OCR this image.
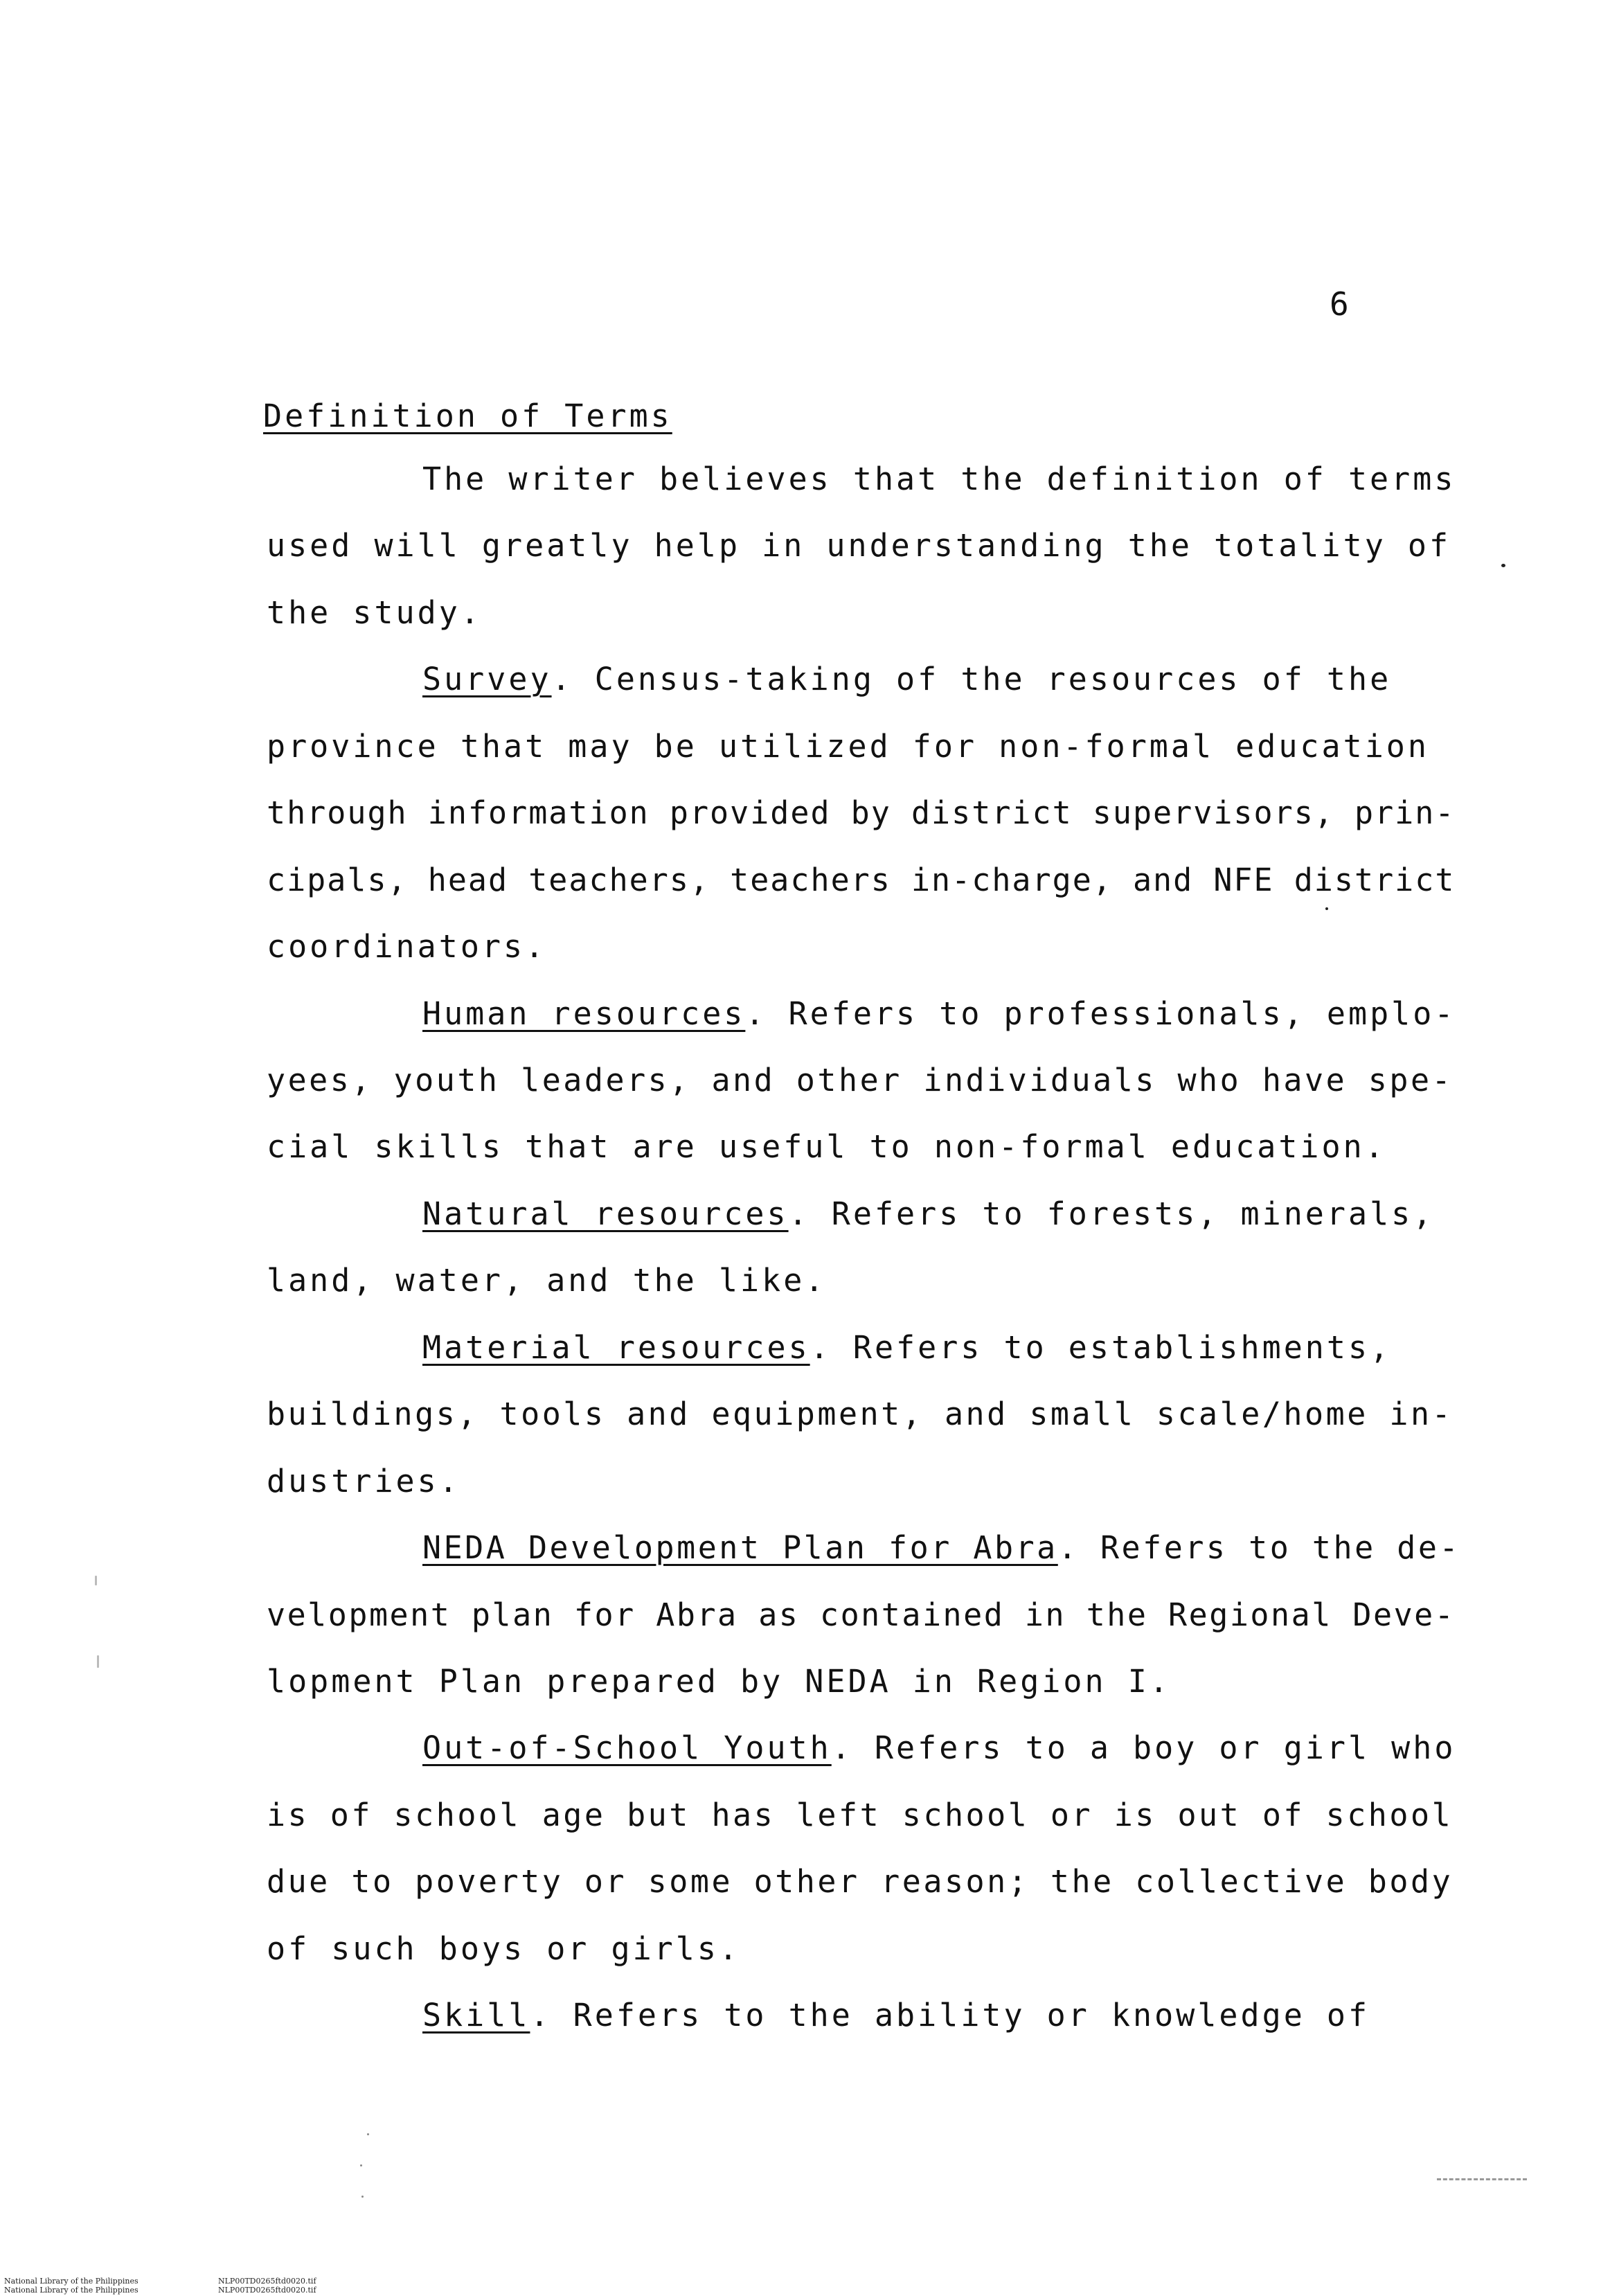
6
Definition of Terms
The writer believes that the definition of terms
used will greatly help in understanding the totality of
the study.
Survey. Census-taking of the resources of the
province that may be utilized for non-formal education
through information provided by district supervisors, prin-
cipals, head teachers, teachers in-charge, and NFE district
coordinators.
Human resources. Refers to professionals, emplo-
yees, youth leaders, and other individuals who have spe-
cial skills that are useful to non-formal education.
Natural resources. Refers to forests, minerals,
land, water, and the like.
Material resources. Refers to establishments,
buildings, tools and equipment, and small scale/home in-
dustries.
NEDA Development Plan for Abra. Refers to the de-
velopment plan for Abra as contained in the Regional Deve-
lopment Plan prepared by NEDA in Region I.
Out-of-School Youth. Refers to a boy or girl who
is of school age but has left school or is out of school
due to poverty or some other reason; the collective body
of such boys or girls.
Skill. Refers to the ability or knowledge of
National Library of the Philippines
National Library of the Philippines
NLP00TD0265ftd0020.tif
NLP00TD0265ftd0020.tif
